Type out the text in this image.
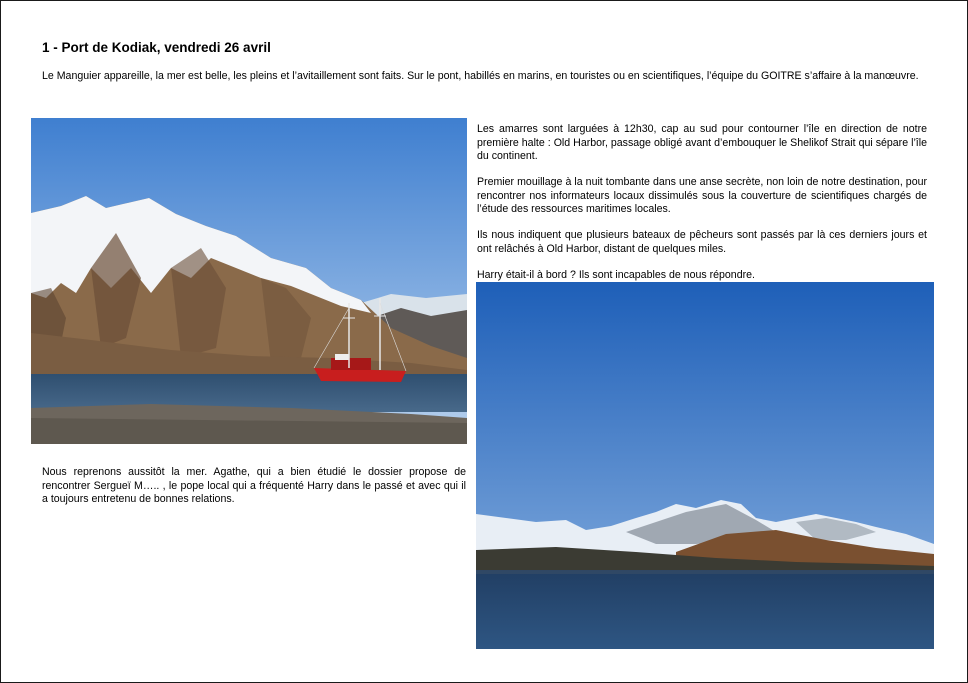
1 - Port de Kodiak, vendredi 26 avril
Le Manguier appareille, la mer est belle, les pleins et l’avitaillement sont faits. Sur le pont, habillés en marins, en touristes ou en scientifiques, l’équipe du GOITRE s’affaire à la manœuvre.

Les amarres sont larguées à 12h30, cap au sud pour contourner l’île en direction de notre première halte : Old Harbor, passage obligé avant d’embouquer le Shelikof Strait qui sépare l’île du continent.

Premier mouillage à la nuit tombante dans une anse secrète, non loin de notre destination, pour rencontrer nos informateurs locaux dissimulés sous la couverture de scientifiques chargés de l’étude des ressources maritimes locales.

Ils nous indiquent que plusieurs bateaux de pêcheurs sont passés par là ces derniers jours et ont relâchés à Old Harbor, distant de quelques miles.

Harry était-il à bord ? Ils sont incapables de nous répondre.

Nous reprenons aussitôt la mer. Agathe, qui a bien étudié le dossier propose de rencontrer Sergueï M….. , le pope local qui a fréquenté Harry dans le passé et avec qui il a toujours entretenu de bonnes relations.
